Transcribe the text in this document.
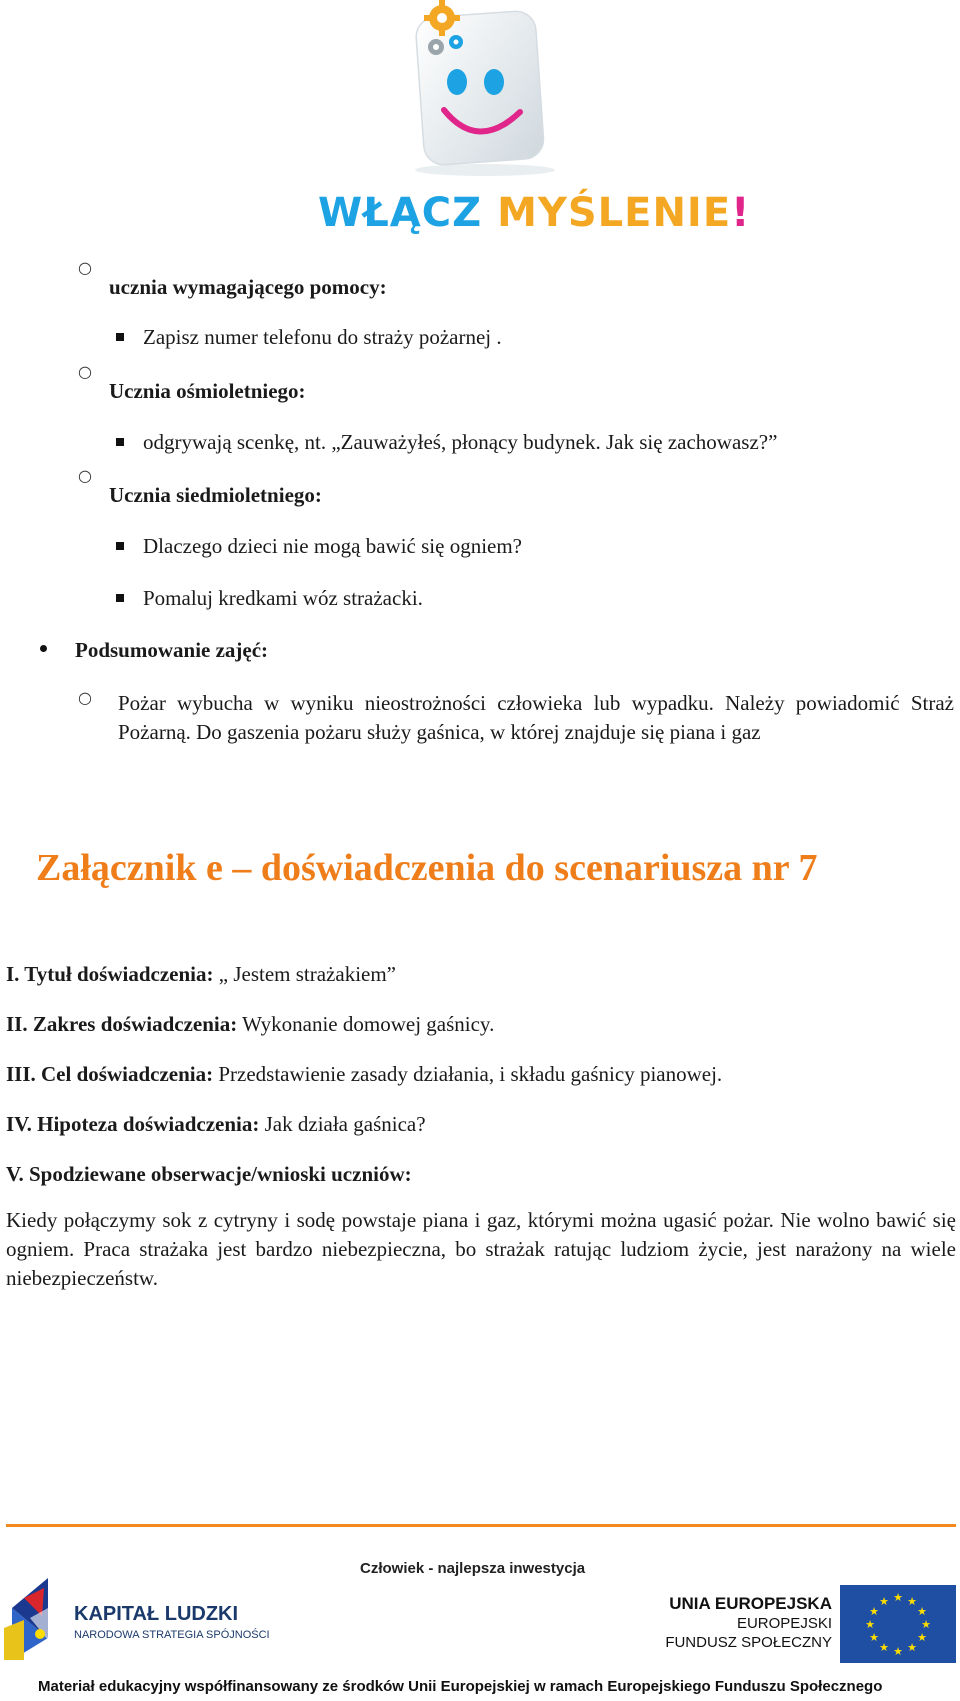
WŁĄCZ MYŚLENIE!
○
ucznia wymagającego pomocy:
Zapisz numer telefonu do straży pożarnej .
○
Ucznia ośmioletniego:
odgrywają scenkę, nt. „Zauważyłeś, płonący budynek. Jak się zachowasz?”
○
Ucznia siedmioletniego:
Dlaczego dzieci nie mogą bawić się ogniem?
Pomaluj kredkami wóz strażacki.
Podsumowanie zajęć:
○ Pożar wybucha w wyniku nieostrożności człowieka lub wypadku. Należy powiadomić Straż Pożarną. Do gaszenia pożaru służy gaśnica, w której znajduje się piana i gaz
Załącznik e – doświadczenia do scenariusza nr 7
I. Tytuł doświadczenia: „ Jestem strażakiem”
II. Zakres doświadczenia: Wykonanie domowej gaśnicy.
III. Cel doświadczenia: Przedstawienie zasady działania, i składu gaśnicy pianowej.
IV. Hipoteza doświadczenia: Jak działa gaśnica?
V. Spodziewane obserwacje/wnioski uczniów:
Kiedy połączymy sok z cytryny i sodę powstaje piana i gaz, którymi można ugasić pożar. Nie wolno bawić się ogniem. Praca strażaka jest bardzo niebezpieczna, bo strażak ratując ludziom życie, jest narażony na wiele niebezpieczeństw.
Człowiek - najlepsza inwestycja
KAPITAŁ LUDZKI
NARODOWA STRATEGIA SPÓJNOŚCI
UNIA EUROPEJSKA
EUROPEJSKI
FUNDUSZ SPOŁECZNY
★ ★
★
★
★
★
★
★
★
★
★
★
Materiał edukacyjny współfinansowany ze środków Unii Europejskiej w ramach Europejskiego Funduszu Społecznego
